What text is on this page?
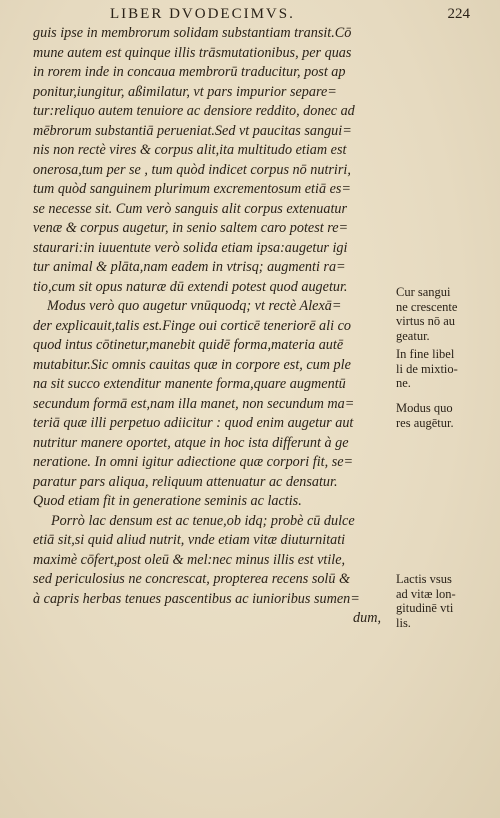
LIBER DVODECIMVS.	224
guis ipse in membrorum solidam substantiam transit.Cō
mune autem est quinque illis trāsmutationibus, per quas
in rorem inde in concaua membrorū traducitur, post ap
ponitur,iungitur, aßimilatur, vt pars impurior separe=
tur:reliquo autem tenuiore ac densiore reddito, donec ad
mēbrorum substantiā perueniat.Sed vt paucitas sangui=
nis non rectè vires & corpus alit,ita multitudo etiam est
onerosa,tum per se , tum quòd indicet corpus nō nutriri,
tum quòd sanguinem plurimum excrementosum etiā es=
se necesse sit. Cum verò sanguis alit corpus extenuatur
venæ & corpus augetur, in senio saltem caro potest re=
staurari:in iuuentute verò solida etiam ipsa:augetur igi
tur animal & plāta,nam eadem in vtrisq; augmenti ra=
tio,cum sit opus naturæ dū extendi potest quod augetur.
Modus verò quo augetur vnūquodq; vt rectè Alexā=
der explicauit,talis est.Finge oui corticē teneriorē ali co
quod intus cōtinetur,manebit quidē forma,materia autē
mutabitur.Sic omnis cauitas quæ in corpore est, cum ple
na sit succo extenditur manente forma,quare augmentū
secundum formā est,nam illa manet, non secundum ma=
teriā quæ illi perpetuo adiicitur : quod enim augetur aut
nutritur manere oportet, atque in hoc ista differunt à ge
neratione. In omni igitur adiectione quæ corpori fit, se=
paratur pars aliqua, reliquum attenuatur ac densatur.
Quod etiam fit in generatione seminis ac lactis.
Porrò lac densum est ac tenue,ob idq; probè cū dulce
etiā sit,si quid aliud nutrit, vnde etiam vitæ diuturnitati
maximè cōfert,post oleū & mel:nec minus illis est vtile,
sed periculosius ne concrescat, propterea recens solū &
à capris herbas tenues pascentibus ac iunioribus sumen=
dum,
Cur sangui
ne crescente
virtus nō au
geatur.
In fine libel
li de mixtio-
ne.
Modus quo
res augētur.
Lactis vsus
ad vitæ lon-
gitudinē vti
lis.
